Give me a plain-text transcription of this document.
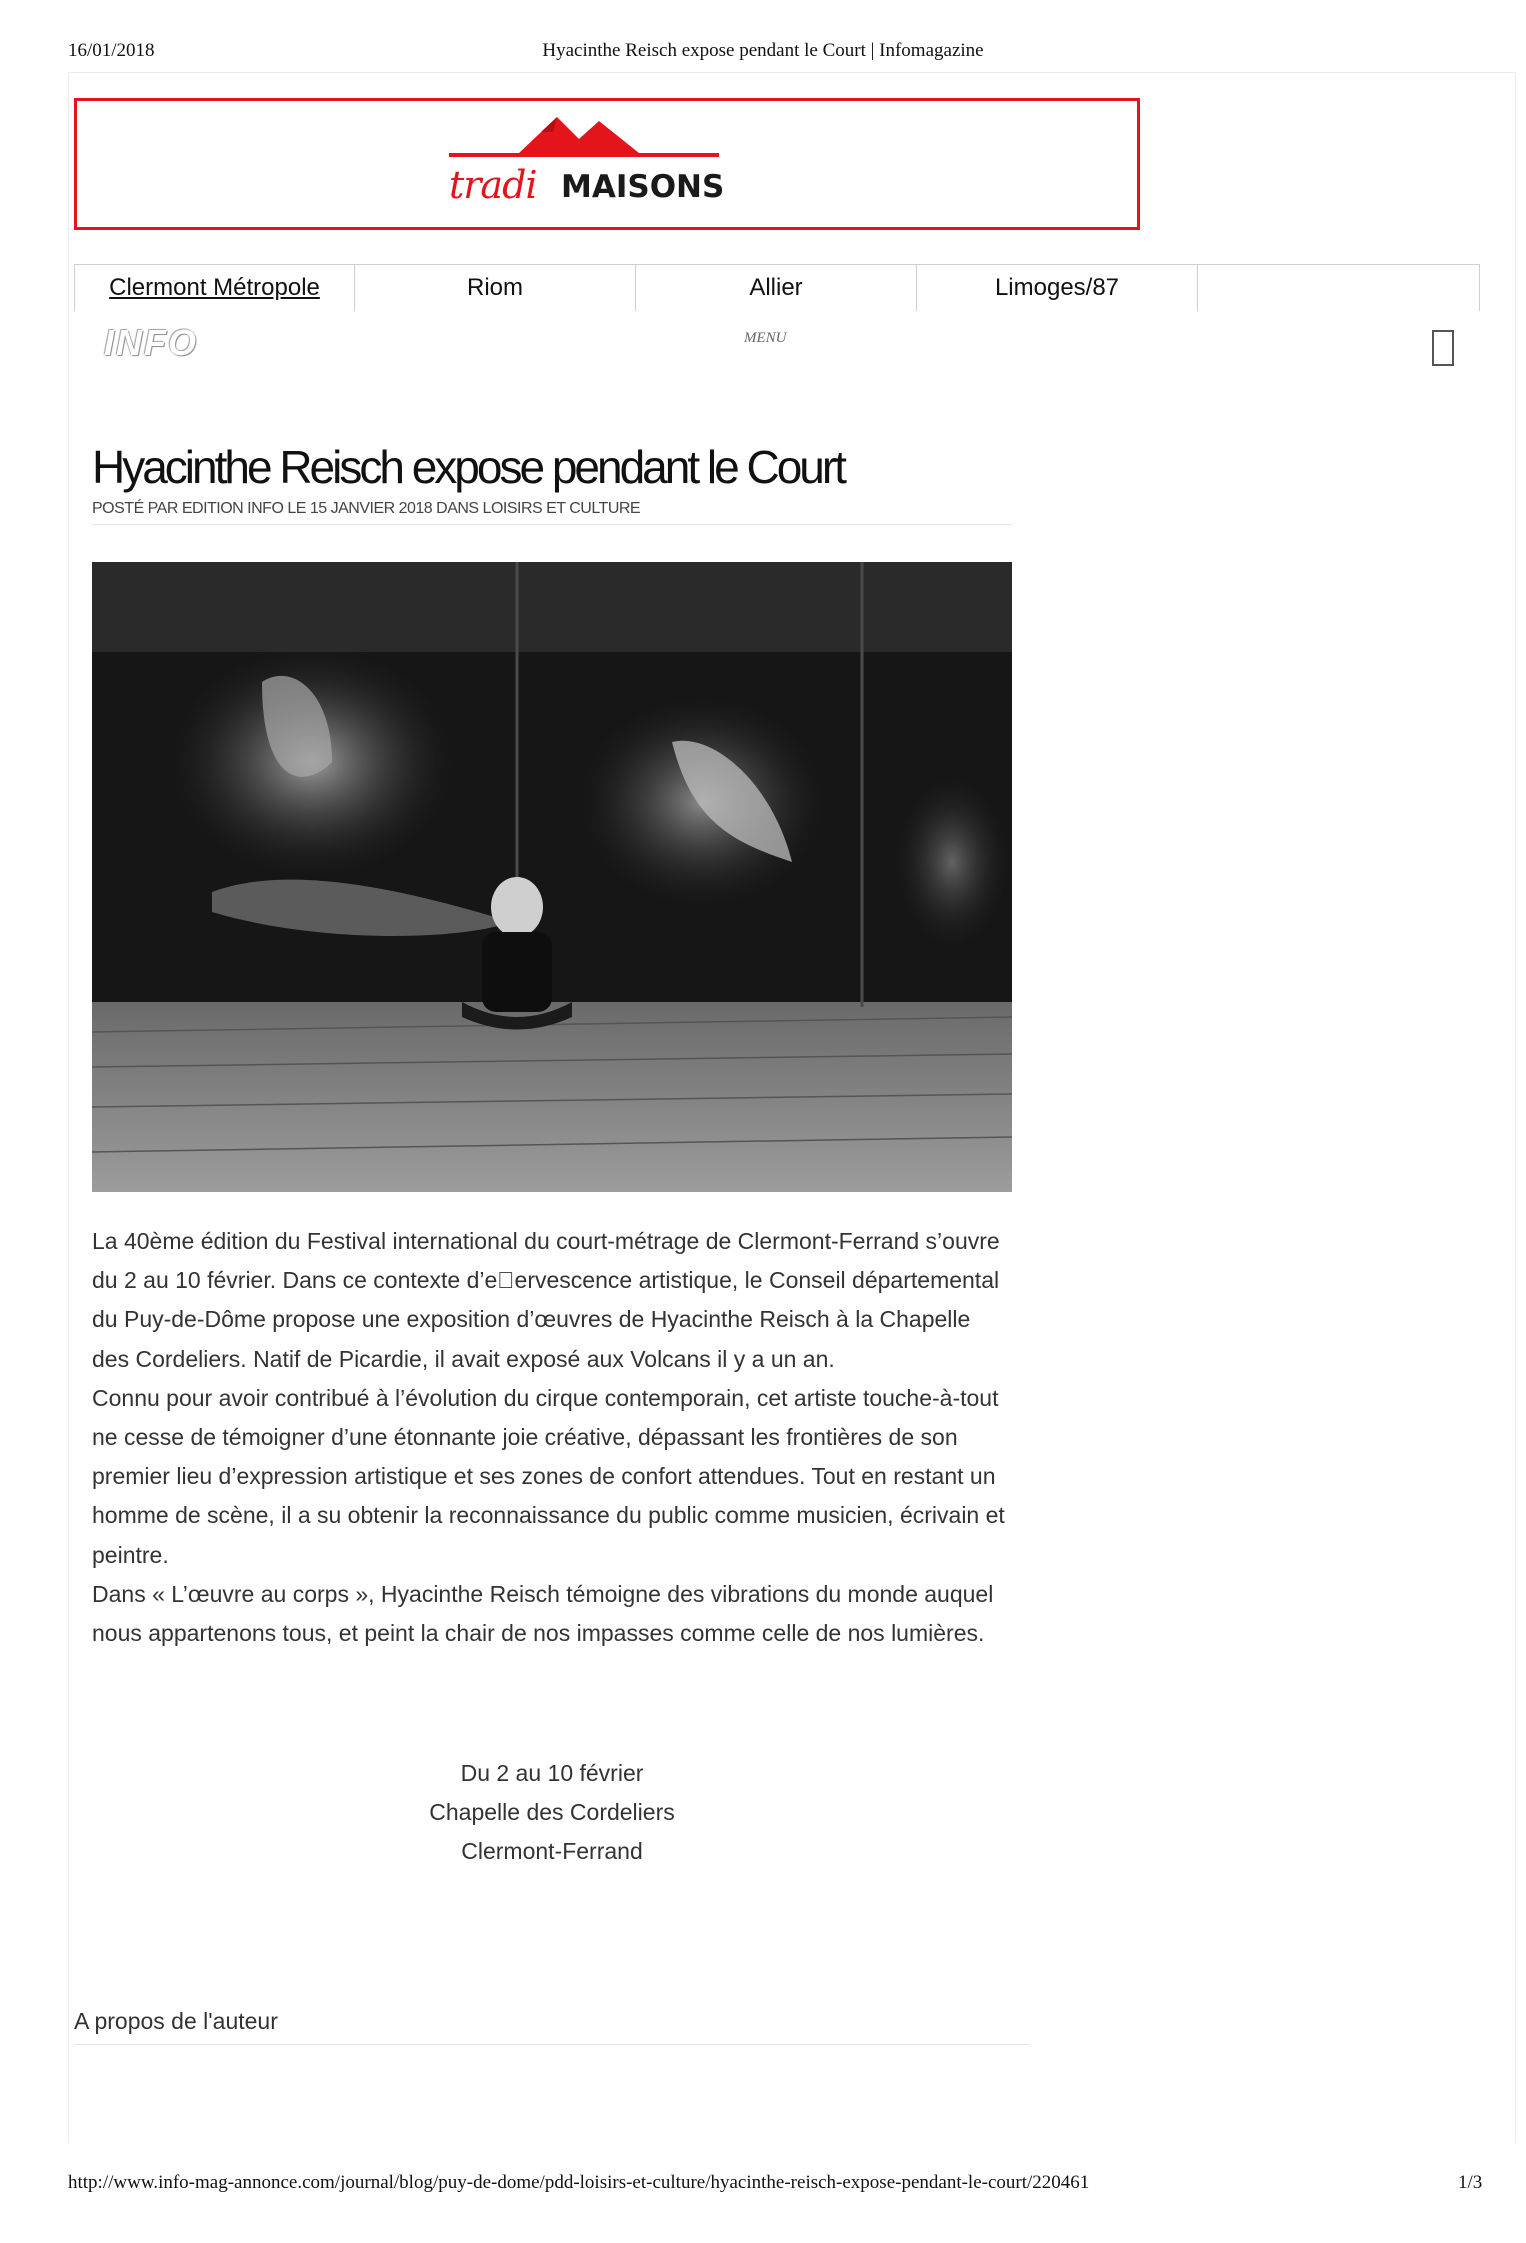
16/01/2018	Hyacinthe Reisch expose pendant le Court | Infomagazine
tradi MAISONS
Clermont Métropole	Riom	Allier	Limoges/87
INFO	MENU
Hyacinthe Reisch expose pendant le Court
POSTÉ PAR EDITION INFO LE 15 JANVIER 2018 DANS LOISIRS ET CULTURE

La 40ème édition du Festival international du court-métrage de Clermont-Ferrand s’ouvre du 2 au 10 février. Dans ce contexte d’e ervescence artistique, le Conseil départemental du Puy-de-Dôme propose une exposition d’œuvres de Hyacinthe Reisch à la Chapelle des Cordeliers. Natif de Picardie, il avait exposé aux Volcans il y a un an.

Connu pour avoir contribué à l’évolution du cirque contemporain, cet artiste touche-à-tout ne cesse de témoigner d’une étonnante joie créative, dépassant les frontières de son premier lieu d’expression artistique et ses zones de confort attendues. Tout en restant un homme de scène, il a su obtenir la reconnaissance du public comme musicien, écrivain et peintre.

Dans « L’œuvre au corps », Hyacinthe Reisch témoigne des vibrations du monde auquel nous appartenons tous, et peint la chair de nos impasses comme celle de nos lumières.

Du 2 au 10 février
Chapelle des Cordeliers
Clermont-Ferrand
A propos de l'auteur
http://www.info-mag-annonce.com/journal/blog/puy-de-dome/pdd-loisirs-et-culture/hyacinthe-reisch-expose-pendant-le-court/220461	1/3
